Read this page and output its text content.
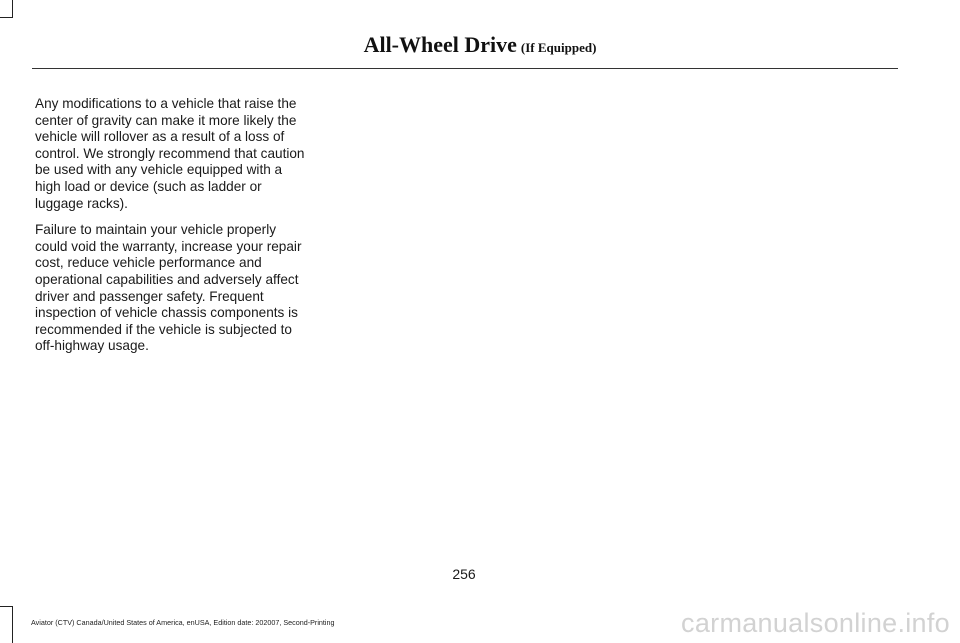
All-Wheel Drive (If Equipped)

Any modifications to a vehicle that raise the center of gravity can make it more likely the vehicle will rollover as a result of a loss of control. We strongly recommend that caution be used with any vehicle equipped with a high load or device (such as ladder or luggage racks).

Failure to maintain your vehicle properly could void the warranty, increase your repair cost, reduce vehicle performance and operational capabilities and adversely affect driver and passenger safety. Frequent inspection of vehicle chassis components is recommended if the vehicle is subjected to off-highway usage.

256
Aviator (CTV) Canada/United States of America, enUSA, Edition date: 202007, Second-Printing	carmanualsonline.info
